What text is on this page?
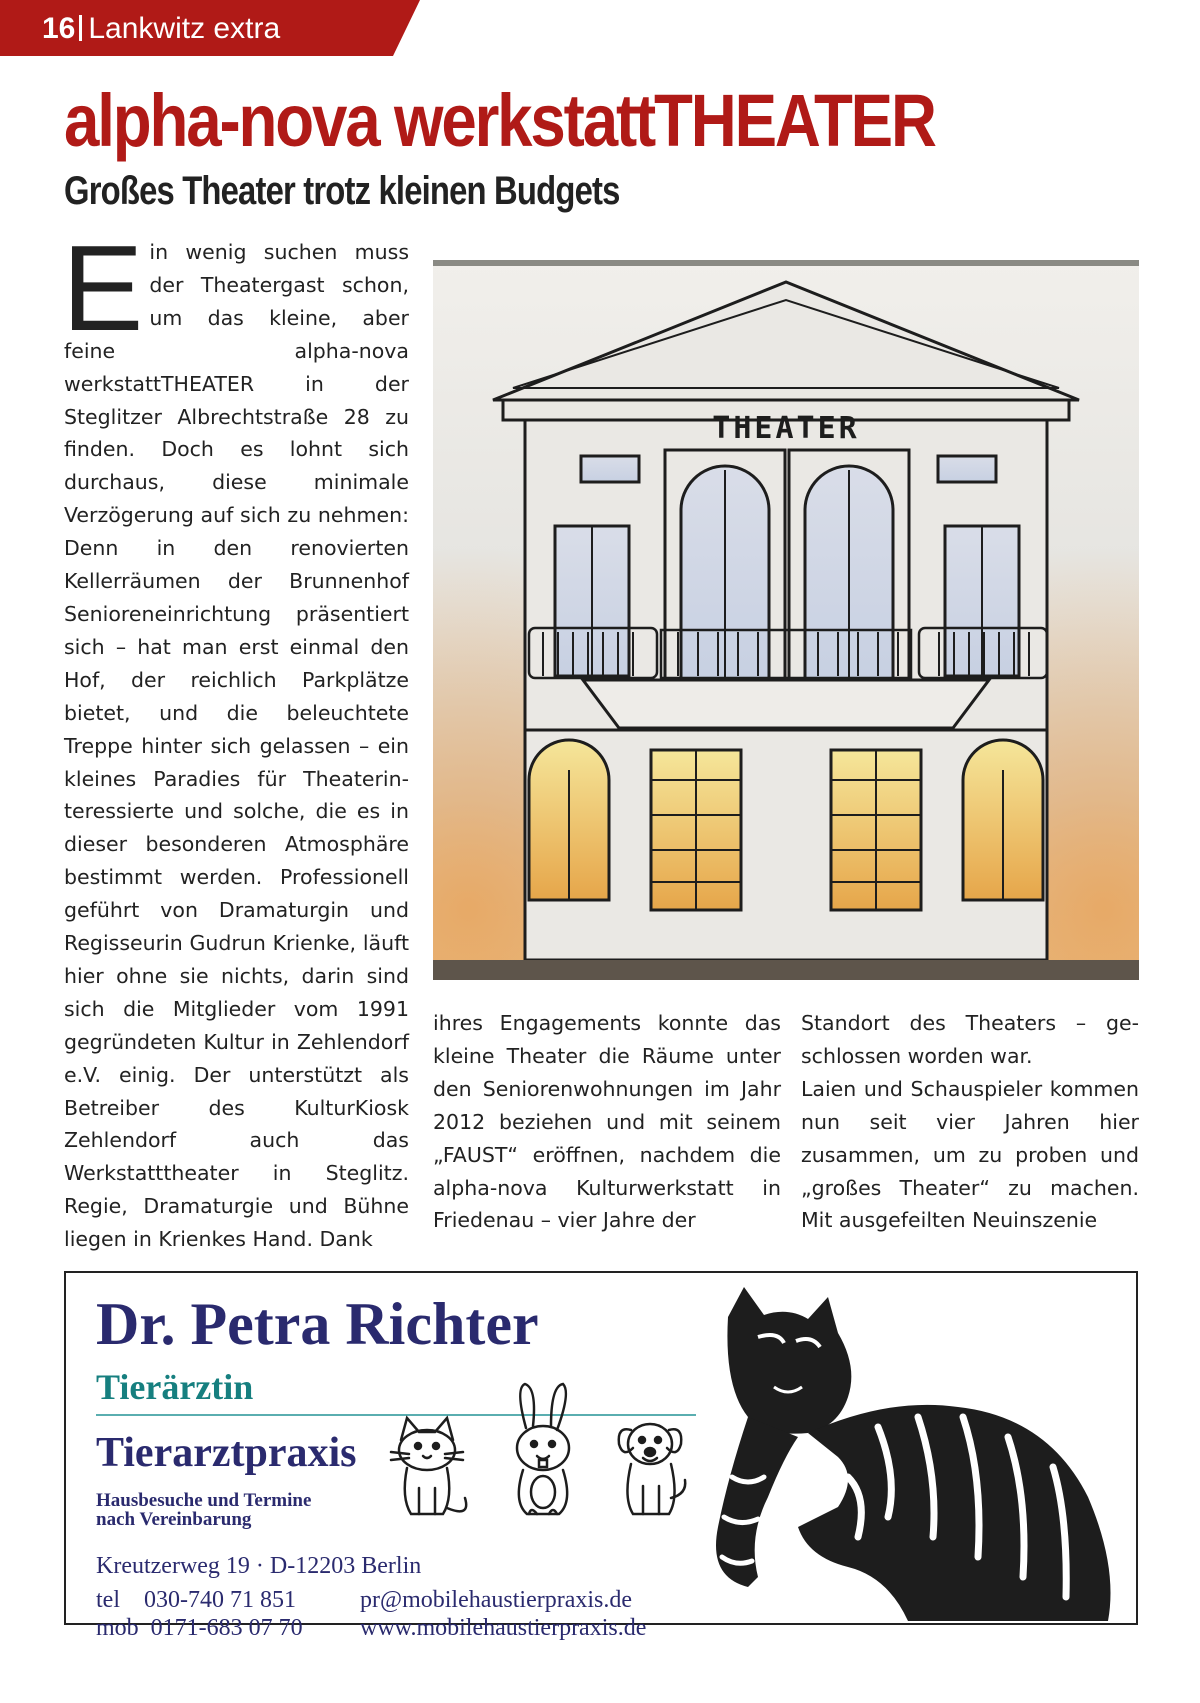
16 Lankwitz extra
alpha-nova werkstattTHEATER
Großes Theater trotz kleinen Budgets

Ein wenig suchen muss der Theatergast schon, um das kleine, aber feine alpha-nova werkstattTHEATER in der Steglitzer Albrechtstraße 28 zu finden. Doch es lohnt sich durchaus, diese minimale Verzögerung auf sich zu nehmen: Denn in den renovierten Kellerräumen der Brunnenhof Senioreneinrichtung präsentiert sich – hat man erst einmal den Hof, der reichlich Parkplätze bietet, und die beleuchtete Treppe hinter sich gelassen – ein kleines Paradies für Theaterinteressierte und solche, die es in dieser besonderen Atmosphäre bestimmt werden. Professionell geführt von Dramaturgin und Regisseurin Gudrun Krienke, läuft hier ohne sie nichts, darin sind sich die Mitglieder vom 1991 gegründeten Kultur in Zehlendorf e.V. einig. Der unterstützt als Betreiber des KulturKiosk Zehlendorf auch das Werkstatttheater in Steglitz. Regie, Dramaturgie und Bühne liegen in Krienkes Hand. Dank

THEATER

ihres Engagements konnte das kleine Theater die Räume unter den Seniorenwohnungen im Jahr 2012 beziehen und mit seinem „FAUST“ eröffnen, nachdem die alpha-nova Kulturwerkstatt in Friedenau – vier Jahre der

Standort des Theaters – geschlossen worden war.

Laien und Schauspieler kommen nun seit vier Jahren hier zusammen, um zu proben und „großes Theater“ zu machen. Mit ausgefeilten Neuinszenie

Dr. Petra Richter

Tierärztin

Tierarztpraxis

Hausbesuche und Termine
nach Vereinbarung

Kreutzerweg 19 · D-12203 Berlin

tel    030-740 71 851
mob  0171-683 07 70
pr@mobilehaustierpraxis.de
www.mobilehaustierpraxis.de
